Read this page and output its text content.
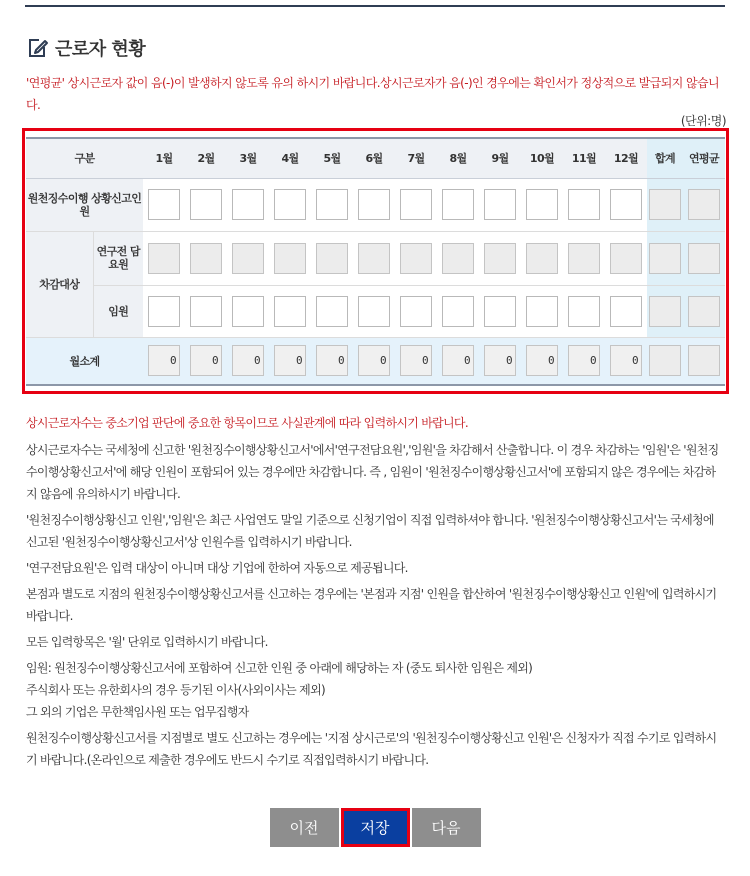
근로자 현황
'연평균' 상시근로자 값이 음(-)이 발생하지 않도록 유의 하시기 바랍니다.상시근로자가 음(-)인 경우에는 확인서가 정상적으로 발급되지 않습니다.
(단위:명)
구분		1월	2월	3월	4월	5월	6월	7월	8월	9월	10월	11월	12월	합계	연평균
원천징수이행 상황신고인원															
차감대상	연구전 담요원														
	임원														
월소계		0	0	0	0	0	0	0	0	0	0	0	0		

상시근로자수는 중소기업 판단에 중요한 항목이므로 사실관계에 따라 입력하시기 바랍니다.

상시근로자수는 국세청에 신고한 '원천징수이행상황신고서'에서'연구전담요원','임원'을 차감해서 산출합니다. 이 경우 차감하는 '임원'은 '원천징수이행상황신고서'에 해당 인원이 포함되어 있는 경우에만 차감합니다. 즉 , 임원이 '원천징수이행상황신고서'에 포함되지 않은 경우에는 차감하지 않음에 유의하시기 바랍니다.

'원천징수이행상황신고 인원','임원'은 최근 사업연도 말일 기준으로 신청기업이 직접 입력하셔야 합니다. '원천징수이행상황신고서'는 국세청에 신고된 '원천징수이행상황신고서'상 인원수를 입력하시기 바랍니다.

'연구전담요원'은 입력 대상이 아니며 대상 기업에 한하여 자동으로 제공됩니다.

본점과 별도로 지점의 원천징수이행상황신고서를 신고하는 경우에는 '본점과 지점' 인원을 합산하여 '원천징수이행상황신고 인원'에 입력하시기 바랍니다.

모든 입력항목은 '월' 단위로 입력하시기 바랍니다.

임원: 원천징수이행상황신고서에 포함하여 신고한 인원 중 아래에 해당하는 자 (중도 퇴사한 임원은 제외)

주식회사 또는 유한회사의 경우 등기된 이사(사외이사는 제외)

그 외의 기업은 무한책임사원 또는 업무집행자

원천징수이행상황신고서를 지점별로 별도 신고하는 경우에는 '지점 상시근로'의 '원천징수이행상황신고 인원'은 신청자가 직접 수기로 입력하시기 바랍니다.(온라인으로 제출한 경우에도 반드시 수기로 직접입력하시기 바랍니다.

이전	저장	다음
